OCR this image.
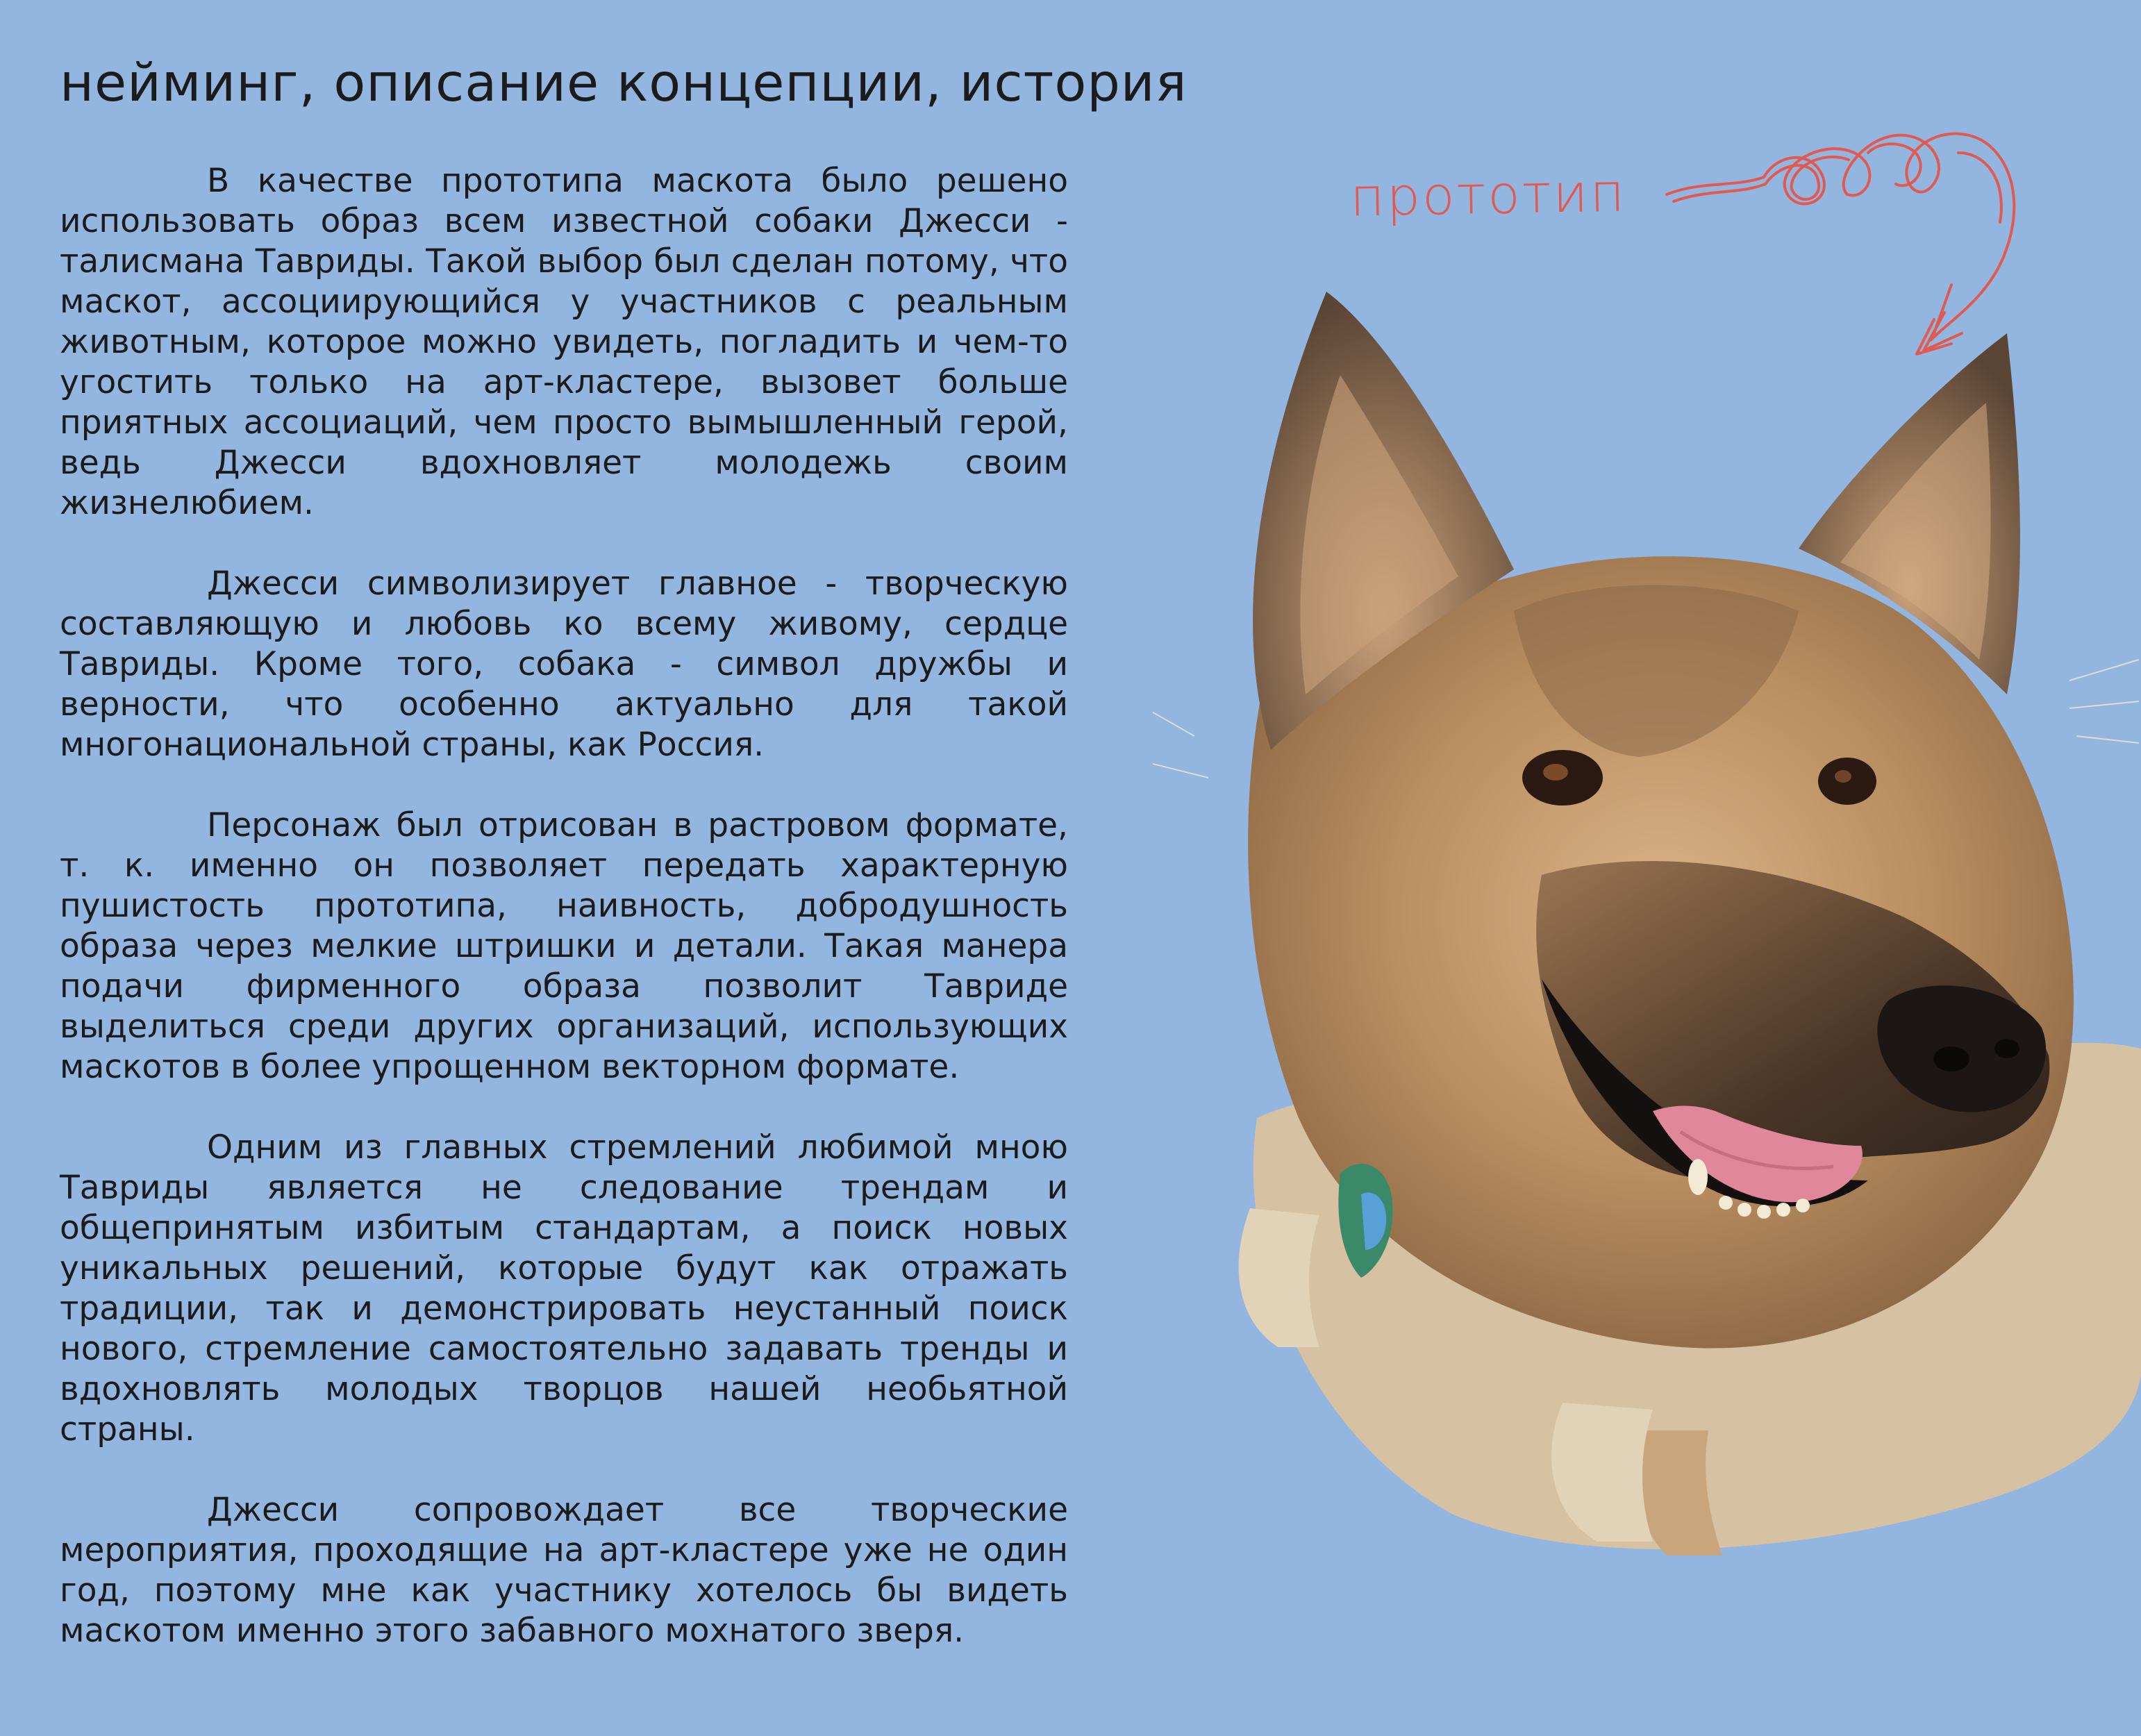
нейминг, описание концепции, история

В качестве прототипа маскота было решено использовать образ всем известной собаки Джесси - талисмана Тавриды. Такой выбор был сделан потому, что маскот, ассоциирующийся у участников с реальным животным, которое можно увидеть, погладить и чем-то угостить только на арт-кластере, вызовет больше приятных ассоциаций, чем просто вымышленный герой, ведь Джесси вдохновляет молодежь своим жизнелюбием.

Джесси символизирует главное - творческую составляющую и любовь ко всему живому, сердце Тавриды. Кроме того, собака - символ дружбы и верности, что особенно актуально для такой многонациональной страны, как Россия.

Персонаж был отрисован в растровом формате, т. к. именно он позволяет передать характерную пушистость прототипа, наивность, добродушность образа через мелкие штришки и детали. Такая манера подачи фирменного образа позволит Тавриде выделиться среди других организаций, использующих маскотов в более упрощенном векторном формате.

Одним из главных стремлений любимой мною Тавриды является не следование трендам и общепринятым избитым стандартам, а поиск новых уникальных решений, которые будут как отражать традиции, так и демонстрировать неустанный поиск нового, стремление самостоятельно задавать тренды и вдохновлять молодых творцов нашей необьятной страны.

Джесси сопровождает все творческие мероприятия, проходящие на арт-кластере уже не один год, поэтому мне как участнику хотелось бы видеть маскотом именно этого забавного мохнатого зверя.

прототип
